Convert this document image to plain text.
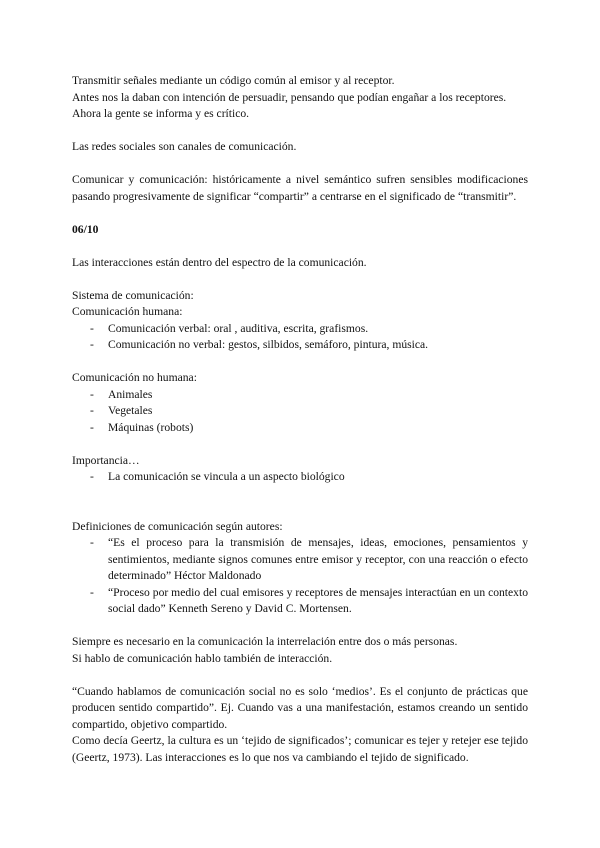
Transmitir señales mediante un código común al emisor y al receptor.

Antes nos la daban con intención de persuadir, pensando que podían engañar a los receptores.

Ahora la gente se informa y es crítico.

Las redes sociales son canales de comunicación.

Comunicar y comunicación: históricamente a nivel semántico sufren sensibles modificaciones pasando progresivamente de significar “compartir” a centrarse en el significado de “transmitir”.

06/10

Las interacciones están dentro del espectro de la comunicación.

Sistema de comunicación:

Comunicación humana:

- Comunicación verbal: oral , auditiva, escrita, grafismos.
- Comunicación no verbal: gestos, silbidos, semáforo, pintura, música.

Comunicación no humana:

- Animales
- Vegetales
- Máquinas (robots)

Importancia…

- La comunicación se vincula a un aspecto biológico

Definiciones de comunicación según autores:

- “Es el proceso para la transmisión de mensajes, ideas, emociones, pensamientos y sentimientos, mediante signos comunes entre emisor y receptor, con una reacción o efecto determinado” Héctor Maldonado
- “Proceso por medio del cual emisores y receptores de mensajes interactúan en un contexto social dado” Kenneth Sereno y David C. Mortensen.

Siempre es necesario en la comunicación la interrelación entre dos o más personas.

Si hablo de comunicación hablo también de interacción.

“Cuando hablamos de comunicación social no es solo ‘medios’. Es el conjunto de prácticas que producen sentido compartido”. Ej. Cuando vas a una manifestación, estamos creando un sentido compartido, objetivo compartido.

Como decía Geertz, la cultura es un ‘tejido de significados’; comunicar es tejer y retejer ese tejido (Geertz, 1973). Las interacciones es lo que nos va cambiando el tejido de significado.
